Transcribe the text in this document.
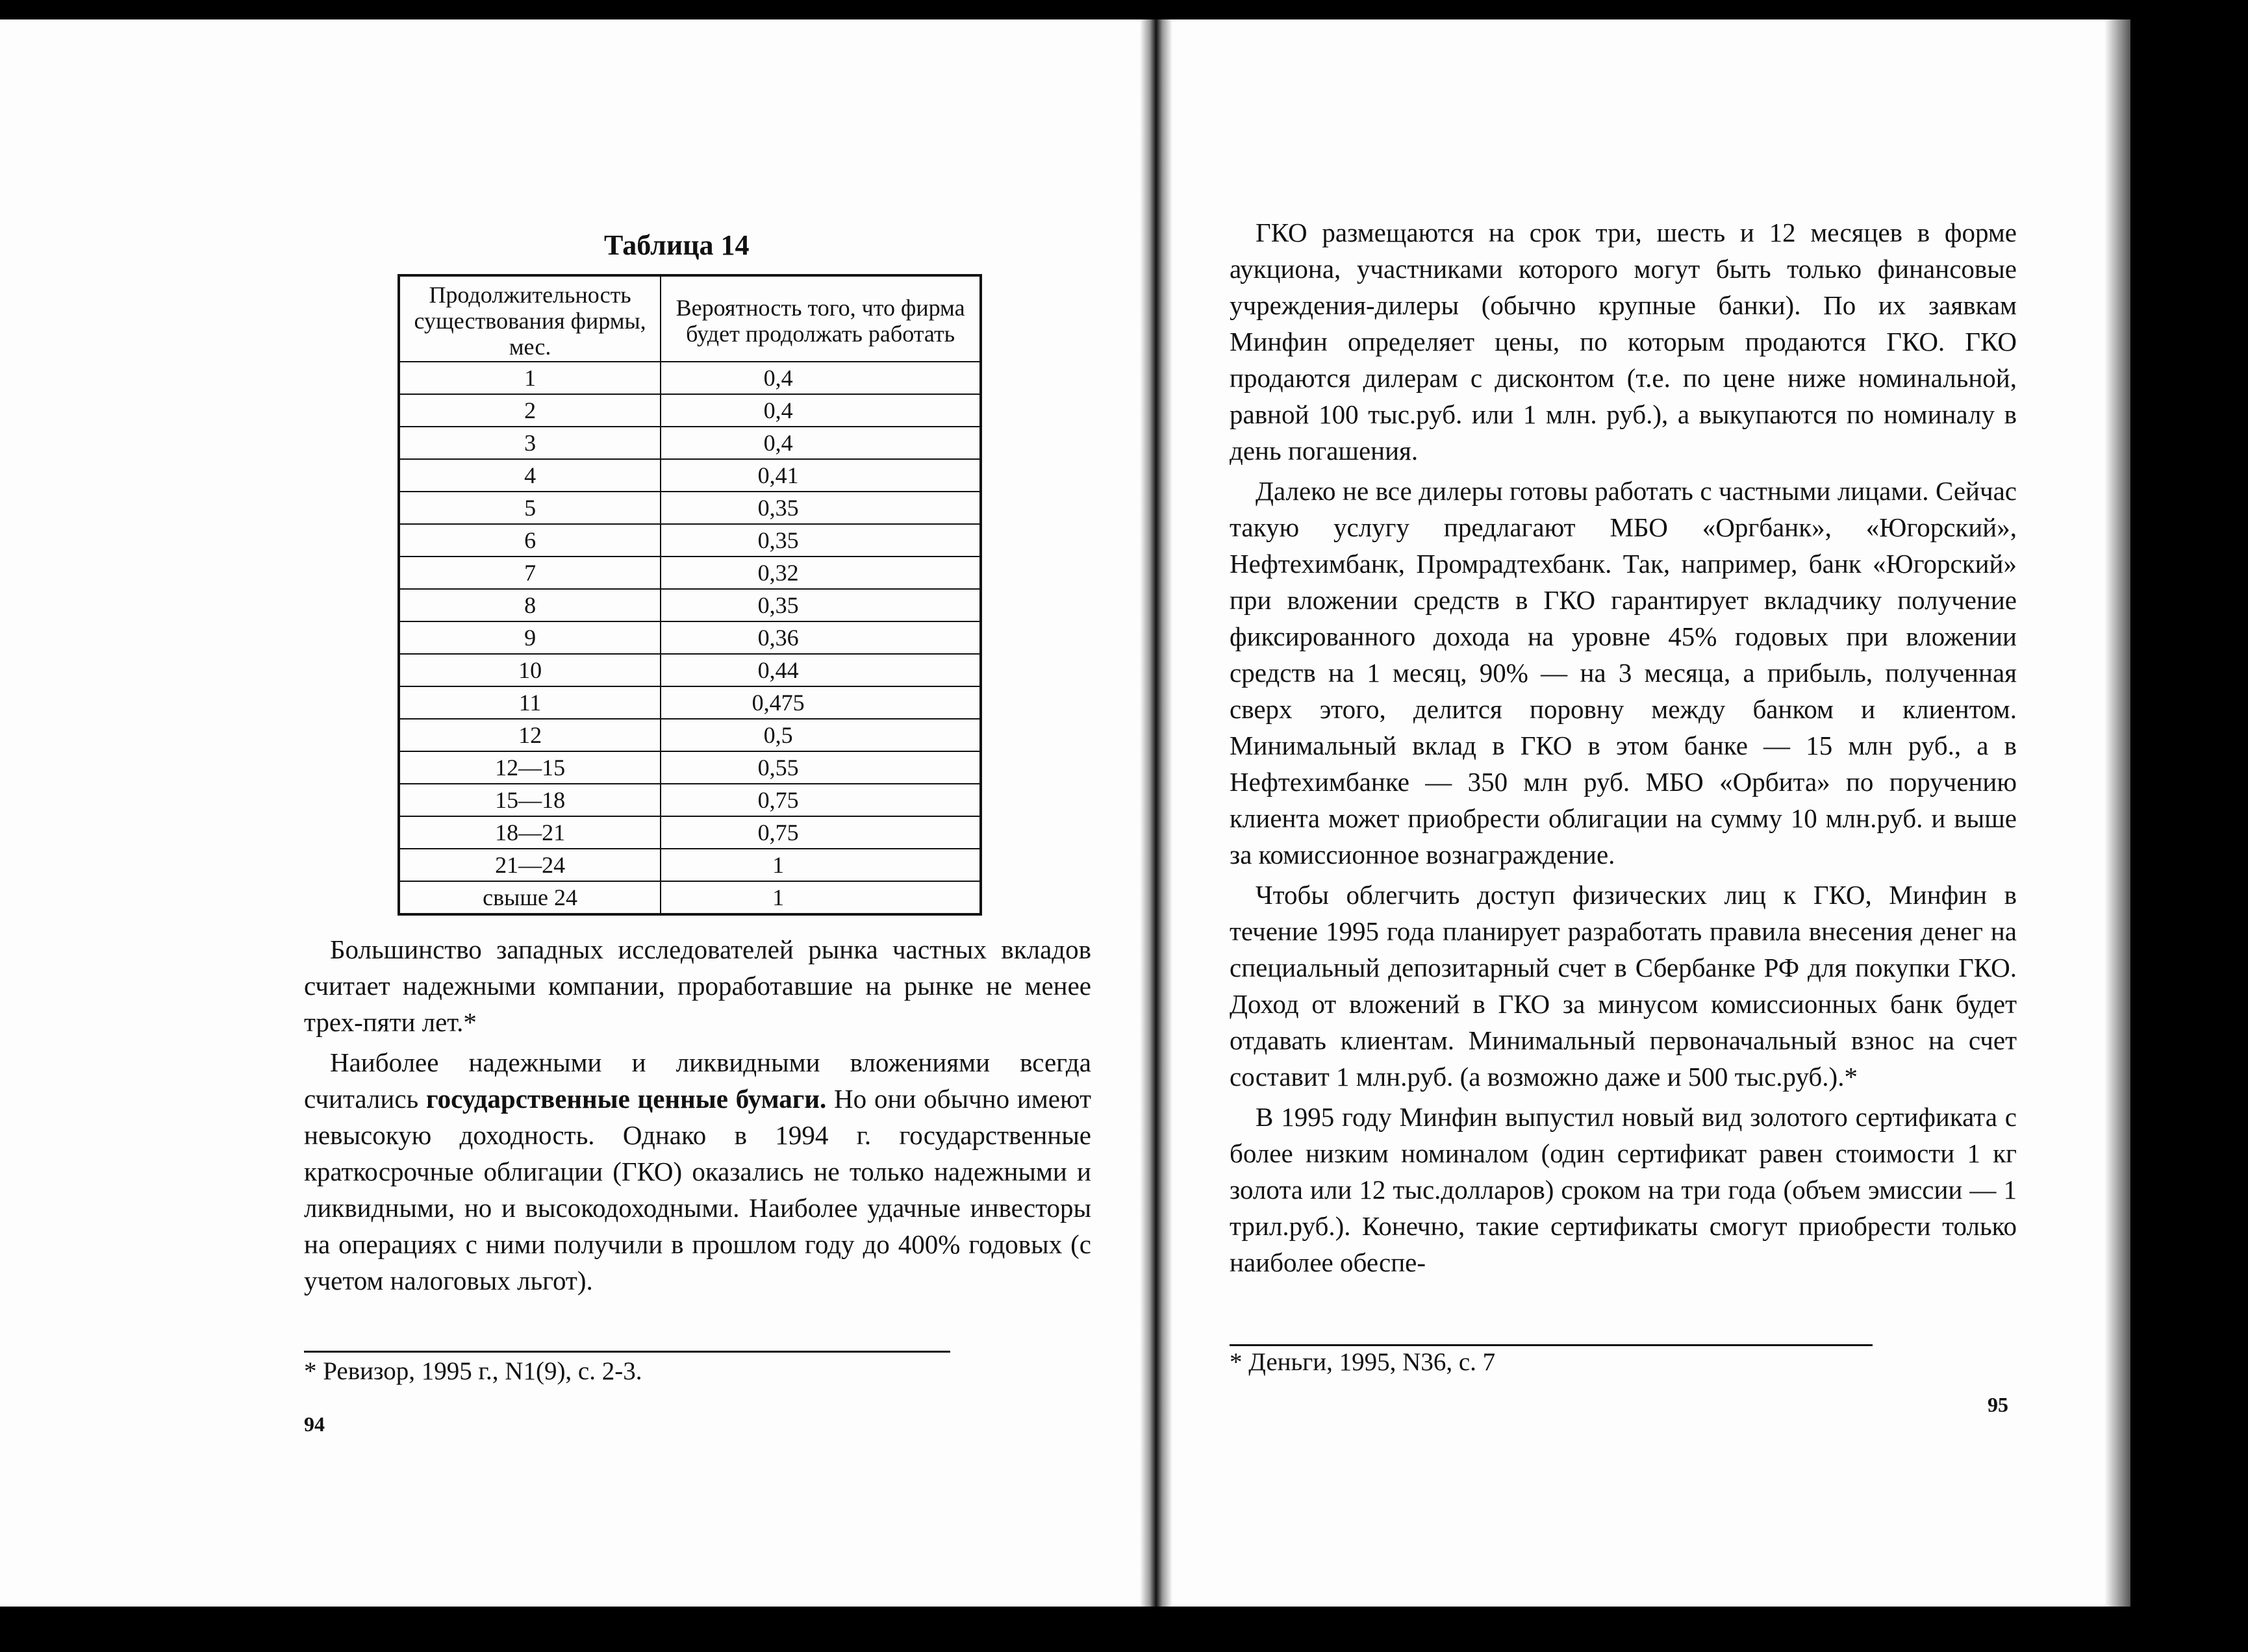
Таблица 14
Продолжительность существования фирмы, мес.	Вероятность того, что фирма будет продолжать работать
1	0,4
2	0,4
3	0,4
4	0,41
5	0,35
6	0,35
7	0,32
8	0,35
9	0,36
10	0,44
11	0,475
12	0,5
12—15	0,55
15—18	0,75
18—21	0,75
21—24	1
свыше 24	1

Большинство западных исследователей рынка частных вкладов считает надежными компании, проработавшие на рынке не менее трех-пяти лет.*

Наиболее надежными и ликвидными вложениями всегда считались государственные ценные бумаги. Но они обычно имеют невысокую доходность. Однако в 1994 г. государственные краткосрочные облигации (ГКО) оказались не только надежными и ликвидными, но и высокодоходными. Наиболее удачные инвесторы на операциях с ними получили в прошлом году до 400% годовых (с учетом налоговых льгот).

* Ревизор, 1995 г., N1(9), с. 2-3.
94

ГКО размещаются на срок три, шесть и 12 месяцев в форме аукциона, участниками которого могут быть только финансовые учреждения-дилеры (обычно крупные банки). По их заявкам Минфин определяет цены, по которым продаются ГКО. ГКО продаются дилерам с дисконтом (т.е. по цене ниже номинальной, равной 100 тыс.руб. или 1 млн. руб.), а выкупаются по номиналу в день погашения.

Далеко не все дилеры готовы работать с частными лицами. Сейчас такую услугу предлагают МБО «Оргбанк», «Югорский», Нефтехимбанк, Промрадтехбанк. Так, например, банк «Югорский» при вложении средств в ГКО гарантирует вкладчику получение фиксированного дохода на уровне 45% годовых при вложении средств на 1 месяц, 90% — на 3 месяца, а прибыль, полученная сверх этого, делится поровну между банком и клиентом. Минимальный вклад в ГКО в этом банке — 15 млн руб., а в Нефтехимбанке — 350 млн руб. МБО «Орбита» по поручению клиента может приобрести облигации на сумму 10 млн.руб. и выше за комиссионное вознаграждение.

Чтобы облегчить доступ физических лиц к ГКО, Минфин в течение 1995 года планирует разработать правила внесения денег на специальный депозитарный счет в Сбербанке РФ для покупки ГКО. Доход от вложений в ГКО за минусом комиссионных банк будет отдавать клиентам. Минимальный первоначальный взнос на счет составит 1 млн.руб. (а возможно даже и 500 тыс.руб.).*

В 1995 году Минфин выпустил новый вид золотого сертификата с более низким номиналом (один сертификат равен стоимости 1 кг золота или 12 тыс.долларов) сроком на три года (объем эмиссии — 1 трил.руб.). Конечно, такие сертификаты смогут приобрести только наиболее обеспе-

* Деньги, 1995, N36, с. 7
95
